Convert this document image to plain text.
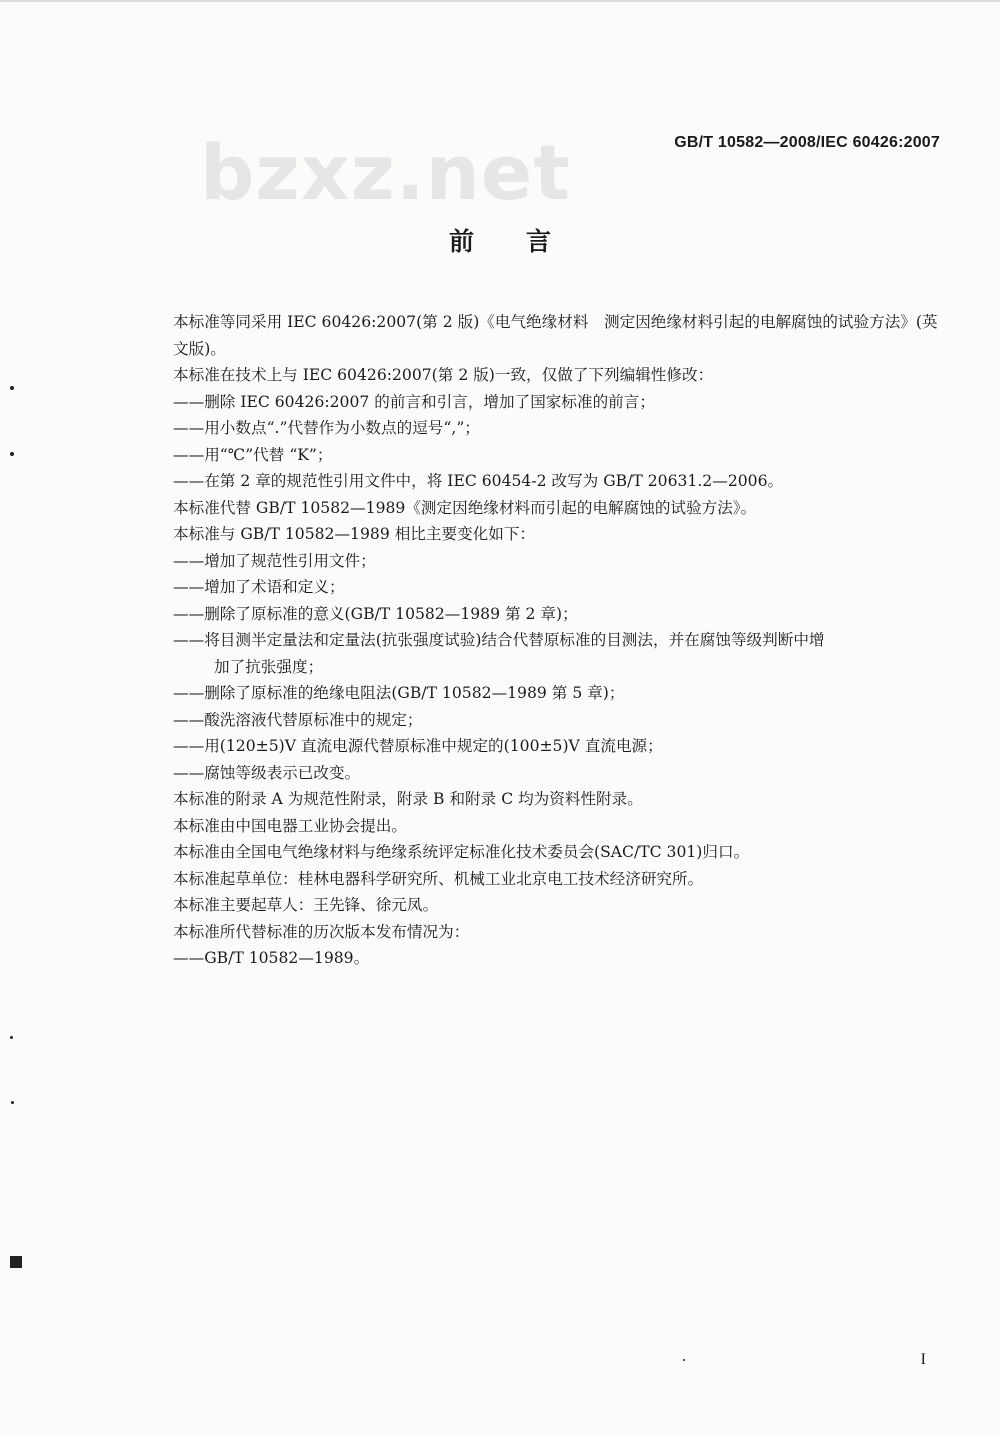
bzxz.net	GB/T 10582—2008/IEC 60426:2007
前言

本标准等同采用 IEC 60426:2007(第 2 版)《电气绝缘材料　测定因绝缘材料引起的电解腐蚀的试验方法》(英文版)。

本标准在技术上与 IEC 60426:2007(第 2 版)一致，仅做了下列编辑性修改：

—— 删除 IEC 60426:2007 的前言和引言，增加了国家标准的前言；
—— 用小数点“.”代替作为小数点的逗号“,”；
—— 用“℃”代替 “K”；
—— 在第 2 章的规范性引用文件中，将 IEC 60454-2 改写为 GB/T 20631.2—2006。

本标准代替 GB/T 10582—1989《测定因绝缘材料而引起的电解腐蚀的试验方法》。

本标准与 GB/T 10582—1989 相比主要变化如下：

—— 增加了规范性引用文件；
—— 增加了术语和定义；
—— 删除了原标准的意义(GB/T 10582—1989 第 2 章)；
—— 将目测半定量法和定量法(抗张强度试验)结合代替原标准的目测法，并在腐蚀等级判断中增

加了抗张强度；

—— 删除了原标准的绝缘电阻法(GB/T 10582—1989 第 5 章)；
—— 酸洗溶液代替原标准中的规定；
—— 用(120±5)V 直流电源代替原标准中规定的(100±5)V 直流电源；
—— 腐蚀等级表示已改变。

本标准的附录 A 为规范性附录，附录 B 和附录 C 均为资料性附录。

本标准由中国电器工业协会提出。

本标准由全国电气绝缘材料与绝缘系统评定标准化技术委员会(SAC/TC 301)归口。

本标准起草单位：桂林电器科学研究所、机械工业北京电工技术经济研究所。

本标准主要起草人：王先锋、徐元凤。

本标准所代替标准的历次版本发布情况为：

—— GB/T 10582—1989。
I
